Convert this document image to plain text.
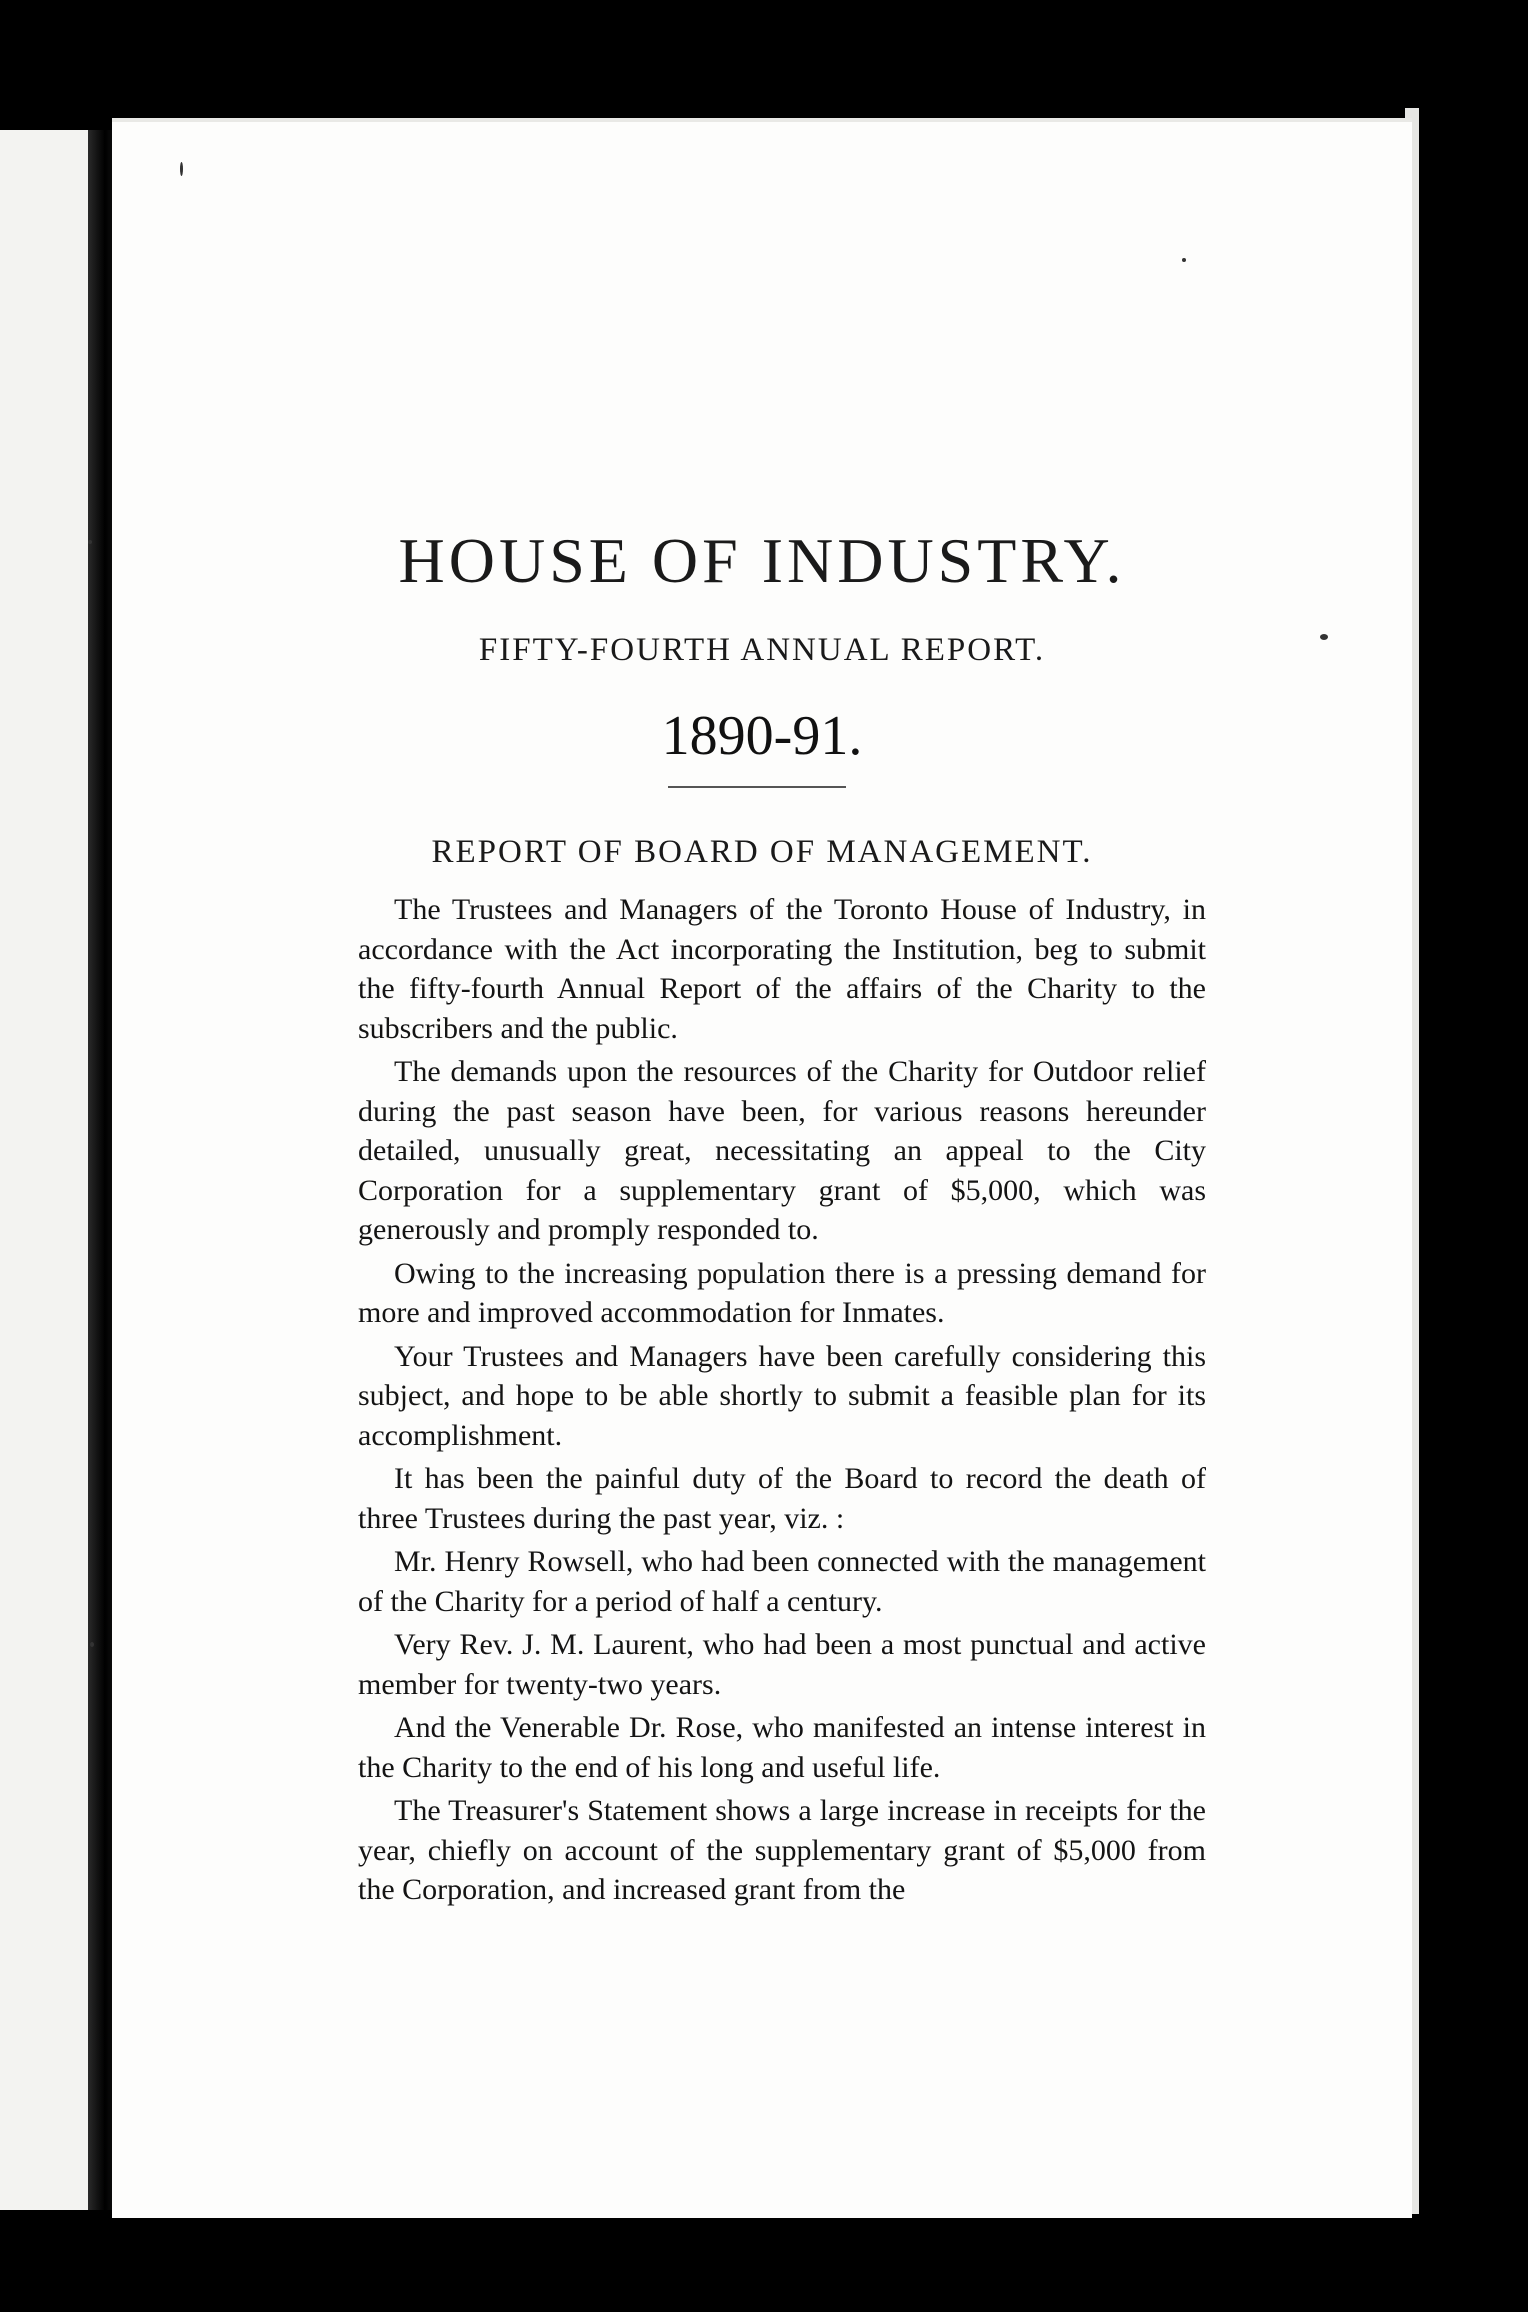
HOUSE OF INDUSTRY.
FIFTY-FOURTH ANNUAL REPORT.
1890-91.
REPORT OF BOARD OF MANAGEMENT.

The Trustees and Managers of the Toronto House of Industry, in accordance with the Act incorporating the Institution, beg to submit the fifty-fourth Annual Report of the affairs of the Charity to the subscribers and the public.

The demands upon the resources of the Charity for Outdoor relief during the past season have been, for various reasons hereunder detailed, unusually great, necessitating an appeal to the City Corporation for a supplementary grant of $5,000, which was generously and promply responded to.

Owing to the increasing population there is a pressing demand for more and improved accommodation for Inmates.

Your Trustees and Managers have been carefully considering this subject, and hope to be able shortly to submit a feasible plan for its accomplishment.

It has been the painful duty of the Board to record the death of three Trustees during the past year, viz. :

Mr. Henry Rowsell, who had been connected with the management of the Charity for a period of half a century.

Very Rev. J. M. Laurent, who had been a most punctual and active member for twenty-two years.

And the Venerable Dr. Rose, who manifested an intense interest in the Charity to the end of his long and useful life.

The Treasurer's Statement shows a large increase in receipts for the year, chiefly on account of the supplementary grant of $5,000 from the Corporation, and increased grant from the
